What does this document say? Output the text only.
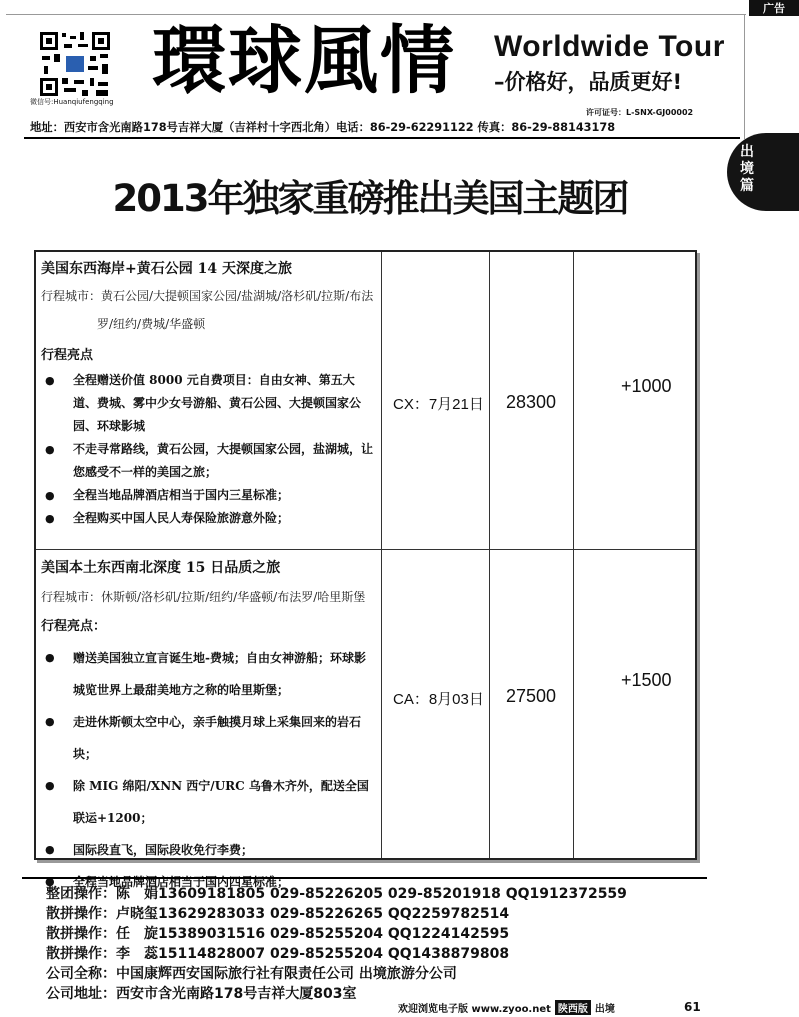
广告
微信号:Huanqiufengqing 環球風情 Worldwide Tour
–价格好，品质更好!
许可证号：L-SNX-GJ00002
地址：西安市含光南路178号吉祥大厦（吉祥村十字西北角）电话：86-29-62291122 传真：86-29-88143178
出
境
篇
2013年独家重磅推出美国主题团
美国东西海岸+黄石公园 14 天深度之旅
行程城市：黄石公园/大提顿国家公园/盐湖城/洛杉矶/拉斯/布法
罗/纽约/费城/华盛顿
行程亮点
● 全程赠送价值 8000 元自费项目：自由女神、第五大道、费城、雾中少女号游船、黄石公园、大提顿国家公园、环球影城
● 不走寻常路线，黄石公园，大提顿国家公园，盐湖城，让您感受不一样的美国之旅；
● 全程当地品牌酒店相当于国内三星标准；
● 全程购买中国人民人寿保险旅游意外险；
CX：7月21日 28300
+1000
美国本土东西南北深度 15 日品质之旅
行程城市：休斯顿/洛杉矶/拉斯/纽约/华盛顿/布法罗/哈里斯堡
行程亮点：
● 赠送美国独立宣言诞生地-费城；自由女神游船；环球影城览世界上最甜美地方之称的哈里斯堡；
● 走进休斯顿太空中心，亲手触摸月球上采集回来的岩石块；
● 除 MIG 绵阳/XNN 西宁/URC 乌鲁木齐外，配送全国联运+1200；
● 国际段直飞，国际段收免行李费；
● 全程当地品牌酒店相当于国内四星标准；
CA：8月03日 27500
+1500
整团操作：陈　娟13609181805 029-85226205 029-85201918 QQ1912372559
散拼操作：卢晓玺13629283033 029-85226265 QQ2259782514
散拼操作：任　旋15389031516 029-85255204 QQ1224142595
散拼操作：李　蕊15114828007 029-85255204 QQ1438879808
公司全称：中国康辉西安国际旅行社有限责任公司 出境旅游分公司
公司地址：西安市含光南路178号吉祥大厦803室
欢迎浏览电子版 www.zyoo.net 陕西版 出境	61
